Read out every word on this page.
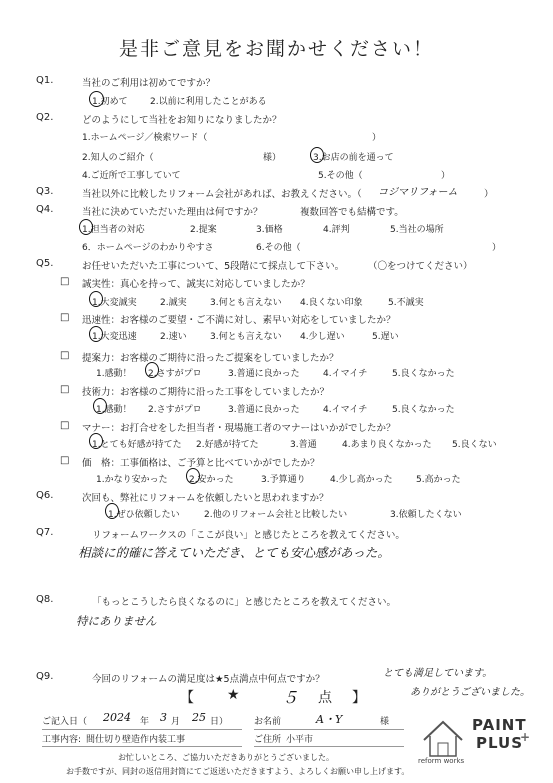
是非ご意見をお聞かせください！
Q1.	当社のご利用は初めてですか？
1.初めて 2.以前に利用したことがある
Q2.	どのようにして当社をお知りになりましたか？
1.ホームページ／検索ワード（	）
2.知人のご紹介（	様）	3.お店の前を通って
4.ご近所で工事していて	5.その他（	）
Q3.	当社以外に比較したリフォーム会社があれば、お教えください。（ コジマリフォーム	）
Q4.	当社に決めていただいた理由は何ですか？	複数回答でも結構です。
1.担当者の対応	2.提案	3.価格	4.評判	5.当社の場所
6．ホームページのわかりやすさ	6.その他（	）
Q5.	お任せいただいた工事について、5段階にて採点して下さい。	（〇をつけてください）
□ 誠実性：真心を持って、誠実に対応していましたか？
1.大変誠実	2.誠実	3.何とも言えない 4.良くない印象	5.不誠実
□ 迅速性：お客様のご要望・ご不満に対し、素早い対応をしていましたか？
1.大変迅速	2.速い	3.何とも言えない 4.少し遅い	5.遅い
□ 提案力：お客様のご期待に沿ったご提案をしていましたか？
1.感動！ 2.さすがプロ	3.普通に良かった	4.イマイチ	5.良くなかった
□ 技術力：お客様のご期待に沿った工事をしていましたか？
1.感動！ 2.さすがプロ	3.普通に良かった	4.イマイチ	5.良くなかった
□ マナー：お打合せをした担当者・現場施工者のマナーはいかがでしたか？
1.とても好感が持てた 2.好感が持てた	3.普通	4.あまり良くなかった 5.良くない
□ 価　格：工事価格は、ご予算と比べていかがでしたか？
1.かなり安かった 2.安かった	3.予算通り	4.少し高かった	5.高かった
Q6.	次回も、弊社にリフォームを依頼したいと思われますか？
1.ぜひ依頼したい	2.他のリフォーム会社と比較したい	3.依頼したくない
Q7.	リフォームワークスの「ここが良い」と感じたところを教えてください。
相談に的確に答えていただき、とても安心感があった。
Q8.	「もっとこうしたら良くなるのに」と感じたところを教えてください。
特にありません
Q9.	今回のリフォームの満足度は★5点満点中何点ですか？
【 ★	５ 点 】
とても満足しています。
ありがとうございました。
ご記入日（ 2024 年 3 月 25 日）	お名前	A・Y	様
工事内容: 間仕切り壁造作内装工事	ご住所 小平市
お忙しいところ、ご協力いただきありがとうございました。
お手数ですが、同封の返信用封筒にてご返送いただきますよう、よろしくお願い申し上げます。
reform works
PAINT
PLUS
+
